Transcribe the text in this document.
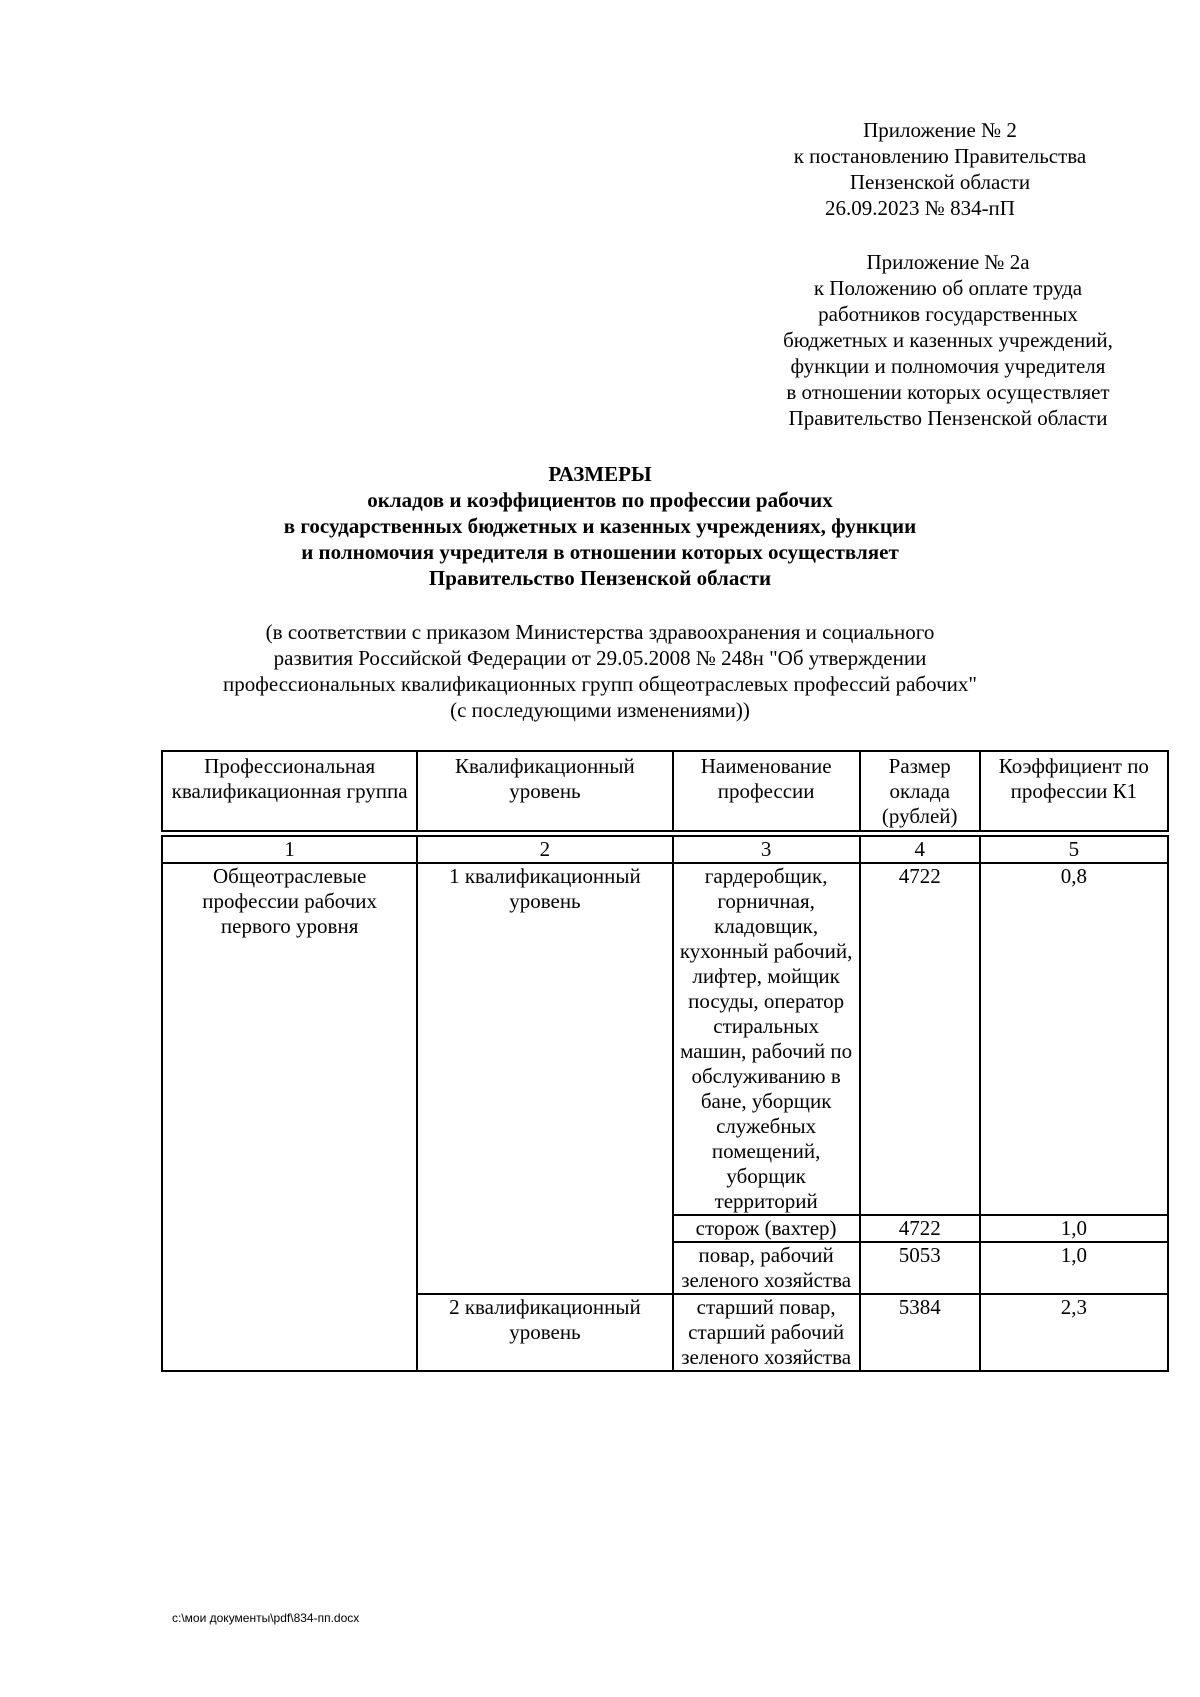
Приложение № 2
к постановлению Правительства
Пензенской области
26.09.2023 № 834-пП
Приложение № 2а
к Положению об оплате труда
работников государственных
бюджетных и казенных учреждений,
функции и полномочия учредителя
в отношении которых осуществляет
Правительство Пензенской области
РАЗМЕРЫ
окладов и коэффициентов по профессии рабочих
в государственных бюджетных и казенных учреждениях, функции
и полномочия учредителя в отношении которых осуществляет
Правительство Пензенской области
(в соответствии с приказом Министерства здравоохранения и социального
развития Российской Федерации от 29.05.2008 № 248н "Об утверждении
профессиональных квалификационных групп общеотраслевых профессий рабочих"
(с последующими изменениями))
Профессиональная квалификационная группа	Квалификационный уровень	Наименование профессии	Размер оклада (рублей)	Коэффициент по профессии К1

1	2	3	4	5
Общеотраслевые профессии рабочих первого уровня	1 квалификационный уровень	гардеробщик, горничная, кладовщик, кухонный рабочий, лифтер, мойщик посуды, оператор стиральных машин, рабочий по обслуживанию в бане, уборщик служебных помещений, уборщик территорий	4722	0,8
		сторож (вахтер)	4722	1,0
		повар, рабочий зеленого хозяйства	5053	1,0
	2 квалификационный уровень	старший повар, старший рабочий зеленого хозяйства	5384	2,3
c:\мои документы\pdf\834-пп.docx
